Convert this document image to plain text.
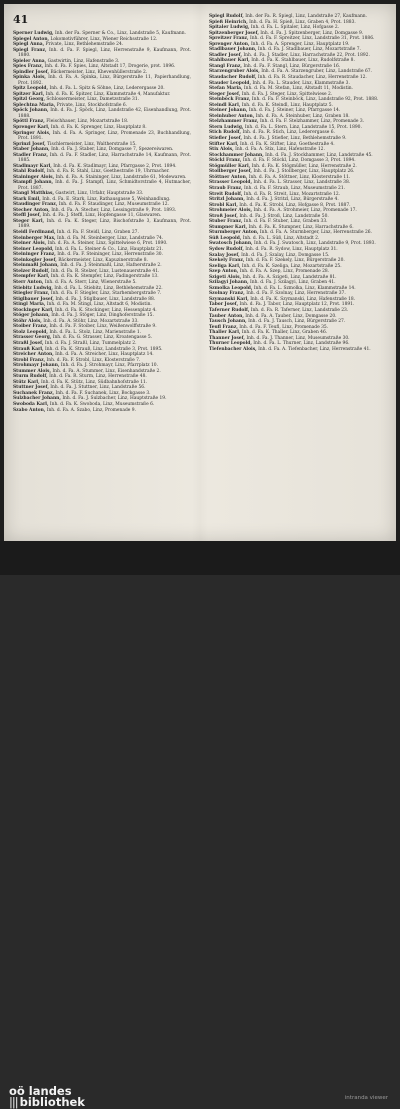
41
Sperner Ludwig, Inh. der Fa. Sperner & Co., Linz, Landstraße 5, Kaufmann.
Spiegel Anton, Lokomotivführer, Linz, Wiener Reichsstraße 12.
Spiegl Anna, Private, Linz, Bethlehemstraße 24.
Spiegl Franz, Inh. d. Fa. F. Spiegl, Linz, Herrenstraße 9, Kaufmann, Prot. 1880.
Spieler Anna, Gastwirtin, Linz, Hafenstraße 3.
Spies Franz, Inh. d. Fa. F. Spies, Linz, Altstadt 17, Drogerie, prot. 1896.
Spindler Josef, Bäckermeister, Linz, Khevenhüllerstraße 2.
Spinka Alois, Inh. d. Fa. A. Spinka, Linz, Bürgerstraße 11, Papierhandlung, Prot. 1892.
Spitz Leopold, Inh. d. Fa. L. Spitz & Söhne, Linz, Lederergasse 20.
Spitzer Karl, Inh. d. Fa. K. Spitzer, Linz, Klammstraße 4, Manufaktur.
Spitzl Georg, Schlossermeister, Linz, Dametzstraße 31.
Splechtna Maria, Private, Linz, Stockhofstraße 6.
Spöck Johann, Inh. d. Fa. J. Spöck, Linz, Landstraße 42, Eisenhandlung, Prot. 1888.
Spöttl Franz, Fleischhauer, Linz, Mozartstraße 18.
Sprenger Karl, Inh. d. Fa. K. Sprenger, Linz, Hauptplatz 8.
Springer Alois, Inh. d. Fa. A. Springer, Linz, Promenade 23, Buchhandlung, Prot. 1891.
Sprinzl Josef, Tischlermeister, Linz, Waltherstraße 15.
Staber Johann, Inh. d. Fa. J. Staber, Linz, Domgasse 7, Spezereiwaren.
Stadler Franz, Inh. d. Fa. F. Stadler, Linz, Harrachstraße 14, Kaufmann, Prot. 1885.
Stadlmayr Karl, Inh. d. Fa. K. Stadlmayr, Linz, Pfarrgasse 2, Prot. 1894.
Stahl Rudolf, Inh. d. Fa. R. Stahl, Linz, Goethestraße 19, Uhrmacher.
Staininger Alois, Inh. d. Fa. A. Staininger, Linz, Landstraße 61, Modewaren.
Stampfl Johann, Inh. d. Fa. J. Stampfl, Linz, Schmidtorstraße 4, Hutmacher, Prot. 1887.
Stangl Matthias, Gastwirt, Linz, Urfahr, Hauptstraße 33.
Stark Emil, Inh. d. Fa. E. Stark, Linz, Rathausgasse 5, Weinhandlung.
Staudinger Franz, Inh. d. Fa. F. Staudinger, Linz, Museumstraße 12.
Stecher Anton, Inh. d. Fa. A. Stecher, Linz, Lessingstraße 9, Prot. 1893.
Steffl Josef, Inh. d. Fa. J. Steffl, Linz, Hopfengasse 11, Glaswaren.
Steger Karl, Inh. d. Fa. K. Steger, Linz, Bischofstraße 3, Kaufmann, Prot. 1889.
Steidl Ferdinand, Inh. d. Fa. F. Steidl, Linz, Graben 27.
Steinberger Max, Inh. d. Fa. M. Steinberger, Linz, Landstraße 74.
Steiner Alois, Inh. d. Fa. A. Steiner, Linz, Spittelwiese 6, Prot. 1890.
Steiner Leopold, Inh. d. Fa. L. Steiner & Co., Linz, Hauptplatz 21.
Steininger Franz, Inh. d. Fa. F. Steininger, Linz, Herrenstraße 30.
Steinkogler Josef, Bäckermeister, Linz, Kapuzinerstraße 8.
Steinmaßl Johann, Inh. d. Fa. J. Steinmaßl, Linz, Hafnerstraße 2.
Stelzer Rudolf, Inh. d. Fa. R. Stelzer, Linz, Lustenauerstraße 41.
Stempfer Karl, Inh. d. Fa. K. Stempfer, Linz, Fadingerstraße 13.
Sterr Anton, Inh. d. Fa. A. Sterr, Linz, Wienerstraße 5.
Stiebitz Ludwig, Inh. d. Fa. L. Stiebitz, Linz, Bethlehemstraße 22.
Stiegler Franz, Inh. d. Fa. F. Stiegler, Linz, Starhembergstraße 7.
Stiglbauer Josef, Inh. d. Fa. J. Stiglbauer, Linz, Landstraße 88.
Stingl Maria, Inh. d. Fa. M. Stingl, Linz, Altstadt 6, Modistin.
Stockinger Karl, Inh. d. Fa. K. Stockinger, Linz, Hessenplatz 4.
Stöger Johann, Inh. d. Fa. J. Stöger, Linz, Dinghoferstraße 15.
Stöhr Alois, Inh. d. Fa. A. Stöhr, Linz, Mozartstraße 33.
Stoiber Franz, Inh. d. Fa. F. Stoiber, Linz, Weißenwolffstraße 9.
Stolz Leopold, Inh. d. Fa. L. Stolz, Linz, Marienstraße 1.
Strasser Georg, Inh. d. Fa. G. Strasser, Linz, Kroatengasse 5.
Straßl Josef, Inh. d. Fa. J. Straßl, Linz, Tummelplatz 2.
Strauß Karl, Inh. d. Fa. K. Strauß, Linz, Landstraße 3, Prot. 1895.
Streicher Anton, Inh. d. Fa. A. Streicher, Linz, Hauptplatz 14.
Strobl Franz, Inh. d. Fa. F. Strobl, Linz, Klosterstraße 7.
Strohmayr Johann, Inh. d. Fa. J. Strohmayr, Linz, Pfarrplatz 10.
Stummer Alois, Inh. d. Fa. A. Stummer, Linz, Eisenhandstraße 2.
Sturm Rudolf, Inh. d. Fa. R. Sturm, Linz, Herrenstraße 48.
Stütz Karl, Inh. d. Fa. K. Stütz, Linz, Südbahnhofstraße 11.
Stuttner Josef, Inh. d. Fa. J. Stuttner, Linz, Landstraße 56.
Suchanek Franz, Inh. d. Fa. F. Suchanek, Linz, Bockgasse 3.
Sulzbacher Johann, Inh. d. Fa. J. Sulzbacher, Linz, Hauptstraße 19.
Swoboda Karl, Inh. d. Fa. K. Swoboda, Linz, Museumstraße 6.
Szabo Anton, Inh. d. Fa. A. Szabo, Linz, Promenade 9.
Spiegl Rudolf, Inh. der Fa. R. Spiegl, Linz, Landstraße 27, Kaufmann.
Spieß Heinrich, Inh. d. Fa. H. Spieß, Linz, Graben 4, Prot. 1883.
Spitaler Ludwig, Inh. d. Fa. L. Spitaler, Linz, Hofgasse 2.
Spitzenberger Josef, Inh. d. Fa. J. Spitzenberger, Linz, Domgasse 9.
Spreitzer Franz, Inh. d. Fa. F. Spreitzer, Linz, Landstraße 31, Prot. 1886.
Sprenger Anton, Inh. d. Fa. A. Sprenger, Linz, Hauptplatz 19.
Stadlbauer Johann, Inh. d. Fa. J. Stadlbauer, Linz, Mozartstraße 7.
Stadler Josef, Inh. d. Fa. J. Stadler, Linz, Harrachstraße 22, Prot. 1892.
Stahlbauer Karl, Inh. d. Fa. K. Stahlbauer, Linz, Rudolfstraße 8.
Stangl Franz, Inh. d. Fa. F. Stangl, Linz, Bürgerstraße 16.
Starzengruber Alois, Inh. d. Fa. A. Starzengruber, Linz, Landstraße 67.
Staudacher Rudolf, Inh. d. Fa. R. Staudacher, Linz, Herrenstraße 12.
Stauder Leopold, Inh. d. Fa. L. Stauder, Linz, Klammstraße 3.
Stefan Maria, Inh. d. Fa. M. Stefan, Linz, Altstadt 11, Modistin.
Steger Josef, Inh. d. Fa. J. Steger, Linz, Spittelwiese 2.
Steinböck Franz, Inh. d. Fa. F. Steinböck, Linz, Landstraße 92, Prot. 1888.
Steindl Karl, Inh. d. Fa. K. Steindl, Linz, Hauptplatz 5.
Steiner Johann, Inh. d. Fa. J. Steiner, Linz, Pfarrgasse 14.
Steinhuber Anton, Inh. d. Fa. A. Steinhuber, Linz, Graben 18.
Stelzhammer Franz, Inh. d. Fa. F. Stelzhammer, Linz, Promenade 3.
Stern Ludwig, Inh. d. Fa. L. Stern, Linz, Landstraße 15, Prot. 1890.
Stich Rudolf, Inh. d. Fa. R. Stich, Linz, Lederergasse 6.
Stiefler Josef, Inh. d. Fa. J. Stiefler, Linz, Bethlehemstraße 9.
Stifter Karl, Inh. d. Fa. K. Stifter, Linz, Goethestraße 4.
Stix Alois, Inh. d. Fa. A. Stix, Linz, Hafenstraße 12.
Stockhammer Johann, Inh. d. Fa. J. Stockhammer, Linz, Landstraße 45.
Stöckl Franz, Inh. d. Fa. F. Stöckl, Linz, Domgasse 3, Prot. 1894.
Stögmüller Karl, Inh. d. Fa. K. Stögmüller, Linz, Herrenstraße 2.
Stollberger Josef, Inh. d. Fa. J. Stollberger, Linz, Hauptplatz 26.
Stöttner Anton, Inh. d. Fa. A. Stöttner, Linz, Klosterstraße 11.
Strasser Leopold, Inh. d. Fa. L. Strasser, Linz, Landstraße 38.
Straub Franz, Inh. d. Fa. F. Straub, Linz, Museumstraße 21.
Streit Rudolf, Inh. d. Fa. R. Streit, Linz, Mozartstraße 12.
Stritzl Johann, Inh. d. Fa. J. Stritzl, Linz, Bürgerstraße 4.
Strobl Karl, Inh. d. Fa. K. Strobl, Linz, Hofgasse 8, Prot. 1887.
Strohmeier Alois, Inh. d. Fa. A. Strohmeier, Linz, Promenade 17.
Stroß Josef, Inh. d. Fa. J. Stroß, Linz, Landstraße 50.
Stuber Franz, Inh. d. Fa. F. Stuber, Linz, Graben 33.
Stumpner Karl, Inh. d. Fa. K. Stumpner, Linz, Harrachstraße 6.
Sturmberger Anton, Inh. d. Fa. A. Sturmberger, Linz, Herrenstraße 26.
Süß Leopold, Inh. d. Fa. L. Süß, Linz, Altstadt 2.
Swatosch Johann, Inh. d. Fa. J. Swatosch, Linz, Landstraße 9, Prot. 1893.
Sydow Rudolf, Inh. d. Fa. R. Sydow, Linz, Hauptplatz 31.
Szalay Josef, Inh. d. Fa. J. Szalay, Linz, Domgasse 15.
Szekely Franz, Inh. d. Fa. F. Szekely, Linz, Bürgerstraße 20.
Szeliga Karl, Inh. d. Fa. K. Szeliga, Linz, Mozartstraße 25.
Szep Anton, Inh. d. Fa. A. Szep, Linz, Promenade 28.
Szigeti Alois, Inh. d. Fa. A. Szigeti, Linz, Landstraße 81.
Szilagyi Johann, Inh. d. Fa. J. Szilagyi, Linz, Graben 41.
Szmolka Leopold, Inh. d. Fa. L. Szmolka, Linz, Klammstraße 14.
Szolnay Franz, Inh. d. Fa. F. Szolnay, Linz, Herrenstraße 37.
Szymanski Karl, Inh. d. Fa. K. Szymanski, Linz, Hafenstraße 18.
Tabor Josef, Inh. d. Fa. J. Tabor, Linz, Hauptplatz 12, Prot. 1891.
Taferner Rudolf, Inh. d. Fa. R. Taferner, Linz, Landstraße 23.
Tauber Anton, Inh. d. Fa. A. Tauber, Linz, Domgasse 20.
Tausch Johann, Inh. d. Fa. J. Tausch, Linz, Bürgerstraße 27.
Teufl Franz, Inh. d. Fa. F. Teufl, Linz, Promenade 35.
Thaller Karl, Inh. d. Fa. K. Thaller, Linz, Graben 46.
Thanner Josef, Inh. d. Fa. J. Thanner, Linz, Museumstraße 30.
Thurner Leopold, Inh. d. Fa. L. Thurner, Linz, Landstraße 96.
Tiefenbacher Alois, Inh. d. Fa. A. Tiefenbacher, Linz, Herrenstraße 41.
oö landes
||| bibliothek	intranda viewer
